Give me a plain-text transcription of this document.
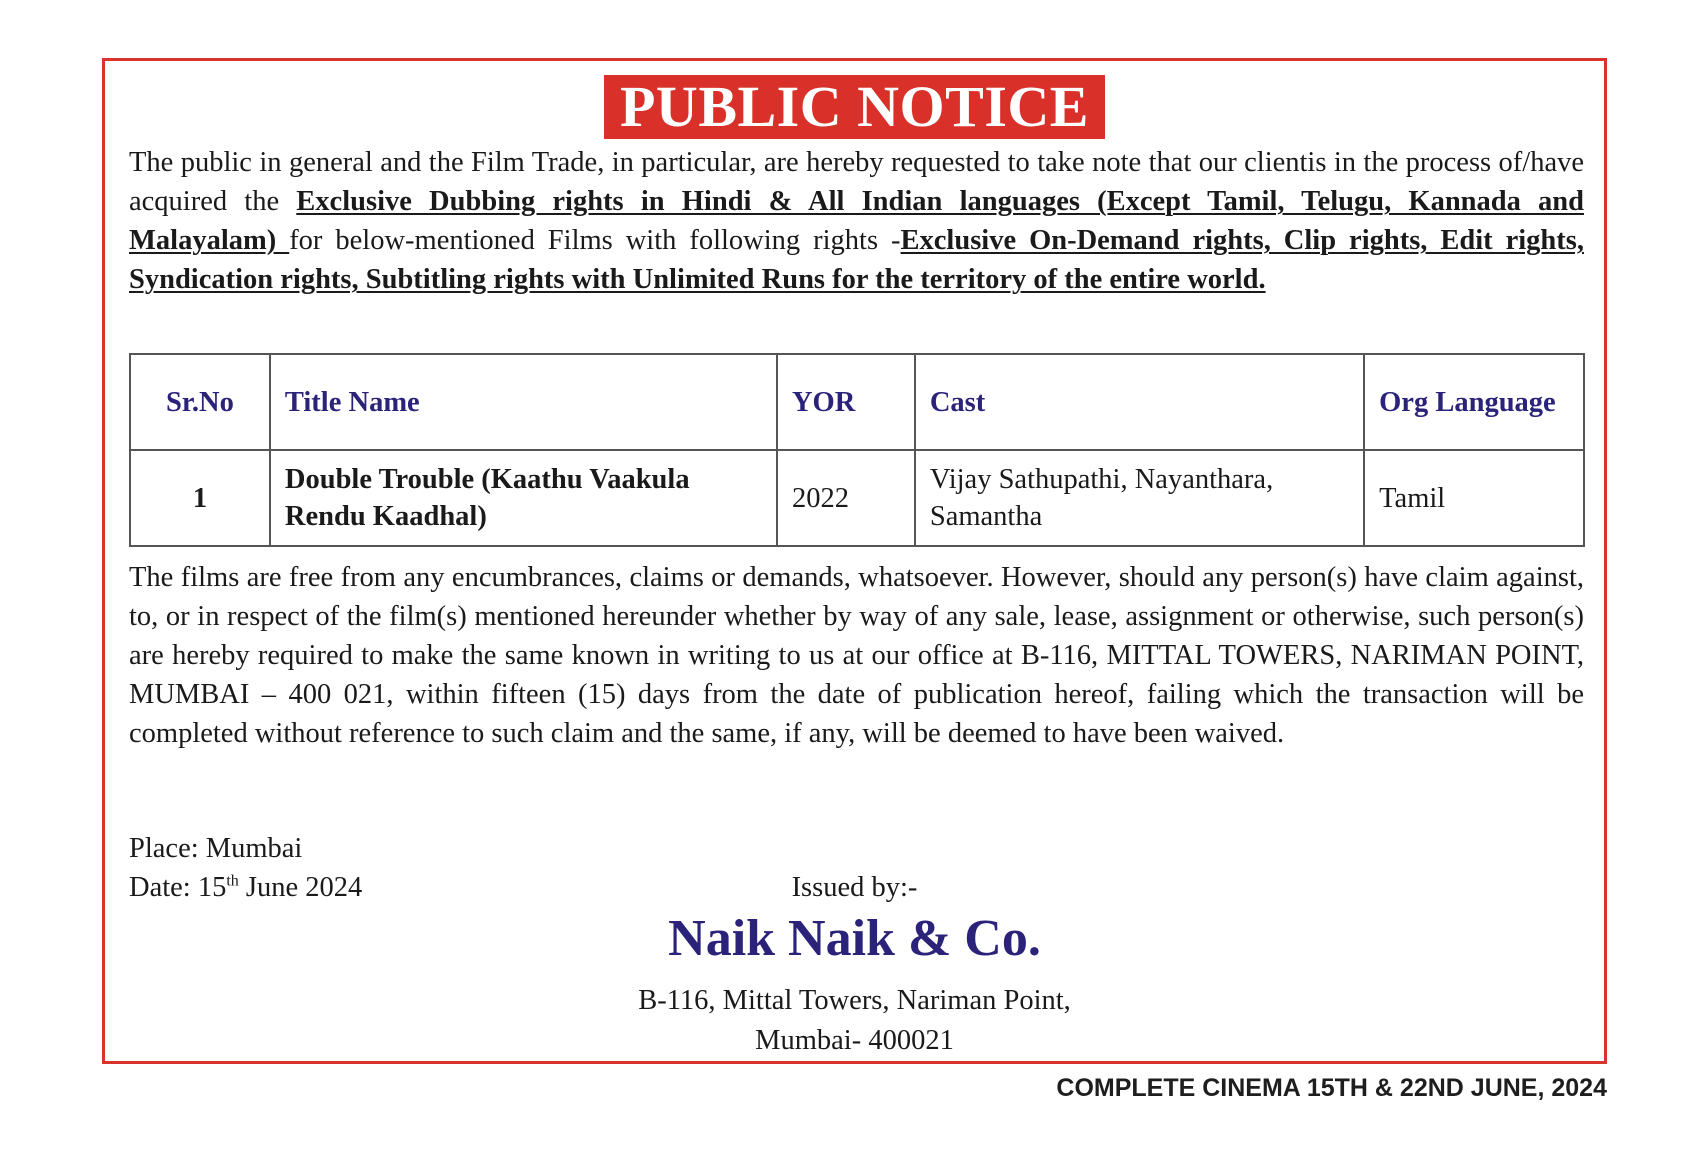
PUBLIC NOTICE

The public in general and the Film Trade, in particular, are hereby requested to take note that our clientis in the process of/have acquired the Exclusive Dubbing rights in Hindi & All Indian languages (Except Tamil, Telugu, Kannada and Malayalam) for below-mentioned Films with following rights -Exclusive On-Demand rights, Clip rights, Edit rights, Syndication rights, Subtitling rights with Unlimited Runs for the territory of the entire world.

Sr.No	Title Name	YOR	Cast	Org Language
1	Double Trouble (Kaathu Vaakula Rendu Kaadhal)	2022	Vijay Sathupathi, Nayanthara, Samantha	Tamil

The films are free from any encumbrances, claims or demands, whatsoever. However, should any person(s) have claim against, to, or in respect of the film(s) mentioned hereunder whether by way of any sale, lease, assignment or otherwise, such person(s) are hereby required to make the same known in writing to us at our office at B-116, MITTAL TOWERS, NARIMAN POINT, MUMBAI – 400 021, within fifteen (15) days from the date of publication hereof, failing which the transaction will be completed without reference to such claim and the same, if any, will be deemed to have been waived.

Place: Mumbai
Date: 15th June 2024	Issued by:-
Naik Naik & Co.
B-116, Mittal Towers, Nariman Point,
Mumbai- 400021
COMPLETE CINEMA 15TH & 22ND JUNE, 2024
